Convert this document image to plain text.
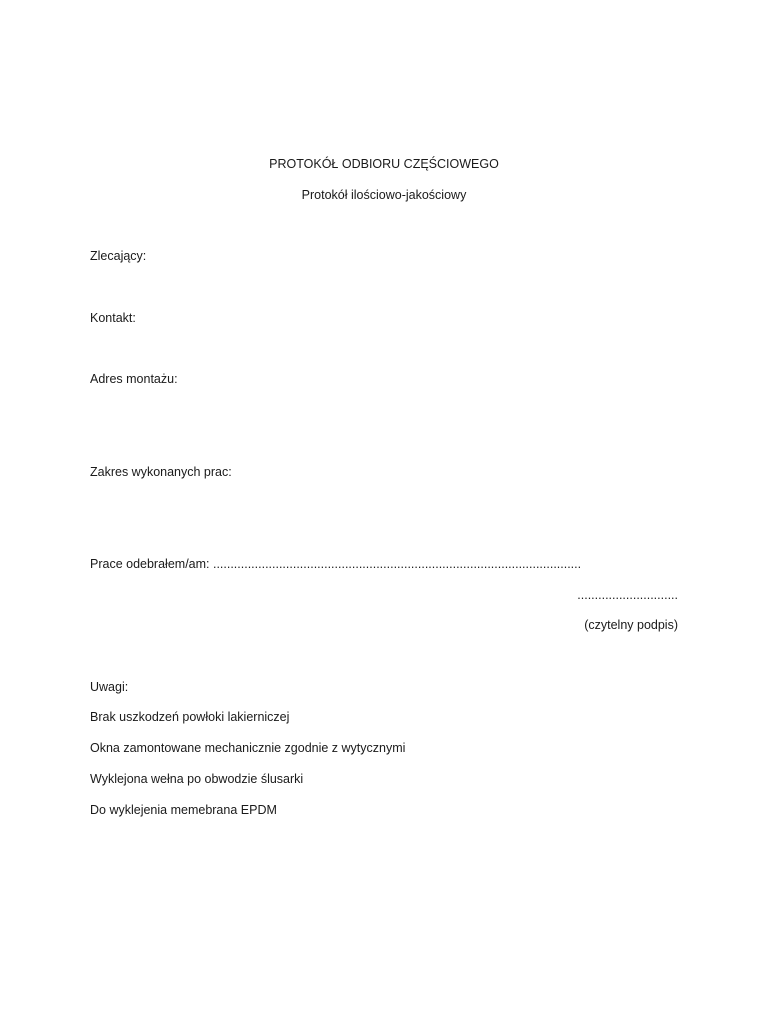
PROTOKÓŁ ODBIORU CZĘŚCIOWEGO
Protokół ilościowo-jakościowy
Zlecający:
Kontakt:
Adres montażu:
Zakres wykonanych prac:
Prace odebrałem/am: ..........................................................................................................
.............................
(czytelny podpis)
Uwagi:
Brak uszkodzeń powłoki lakierniczej
Okna zamontowane mechanicznie zgodnie z wytycznymi
Wyklejona wełna po obwodzie ślusarki
Do wyklejenia memebrana EPDM
